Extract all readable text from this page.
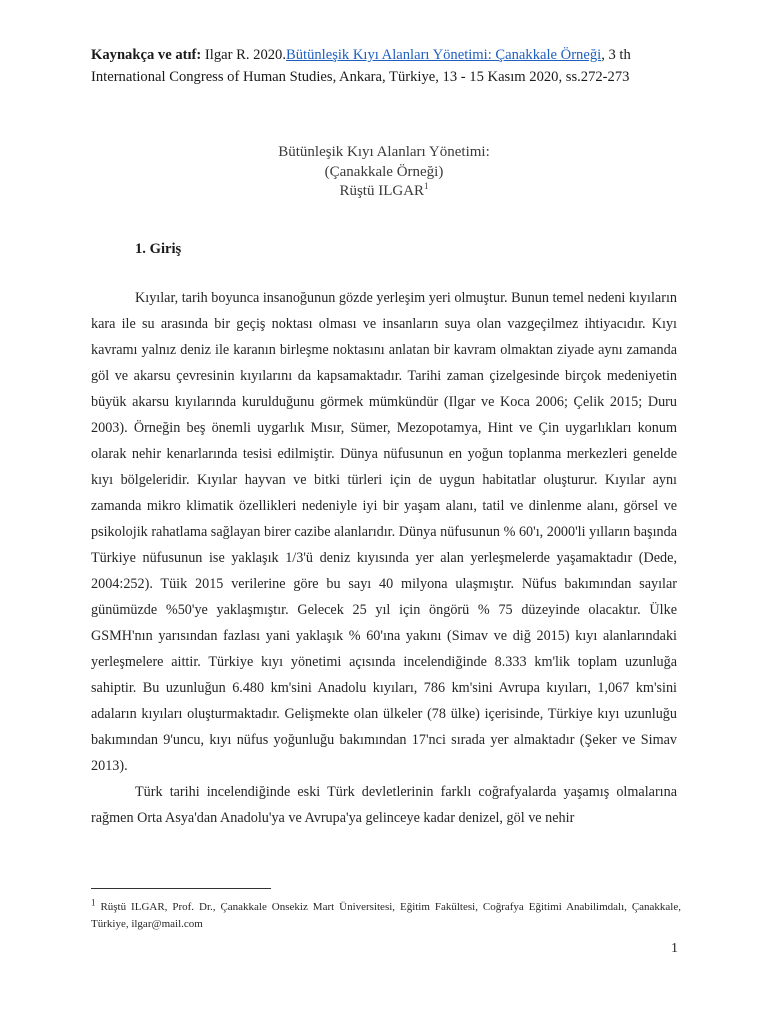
Kaynakça ve atıf: Ilgar R. 2020.Bütünleşik Kıyı Alanları Yönetimi: Çanakkale Örneği, 3 th International Congress of Human Studies, Ankara, Türkiye, 13 - 15 Kasım 2020, ss.272-273
Bütünleşik Kıyı Alanları Yönetimi:
(Çanakkale Örneği)
Rüştü ILGAR$^1$
1. Giriş

Kıyılar, tarih boyunca insanoğunun gözde yerleşim yeri olmuştur. Bunun temel nedeni kıyıların kara ile su arasında bir geçiş noktası olması ve insanların suya olan vazgeçilmez ihtiyacıdır. Kıyı kavramı yalnız deniz ile karanın birleşme noktasını anlatan bir kavram olmaktan ziyade aynı zamanda göl ve akarsu çevresinin kıyılarını da kapsamaktadır. Tarihi zaman çizelgesinde birçok medeniyetin büyük akarsu kıyılarında kurulduğunu görmek mümkündür (Ilgar ve Koca 2006; Çelik 2015; Duru 2003). Örneğin beş önemli uygarlık Mısır, Sümer, Mezopotamya, Hint ve Çin uygarlıkları konum olarak nehir kenarlarında tesisi edilmiştir. Dünya nüfusunun en yoğun toplanma merkezleri genelde kıyı bölgeleridir. Kıyılar hayvan ve bitki türleri için de uygun habitatlar oluşturur. Kıyılar aynı zamanda mikro klimatik özellikleri nedeniyle iyi bir yaşam alanı, tatil ve dinlenme alanı, görsel ve psikolojik rahatlama sağlayan birer cazibe alanlarıdır. Dünya nüfusunun % 60'ı, 2000'li yılların başında Türkiye nüfusunun ise yaklaşık 1/3'ü deniz kıyısında yer alan yerleşmelerde yaşamaktadır (Dede, 2004:252). Tüik 2015 verilerine göre bu sayı 40 milyona ulaşmıştır. Nüfus bakımından sayılar günümüzde %50'ye yaklaşmıştır. Gelecek 25 yıl için öngörü % 75 düzeyinde olacaktır. Ülke GSMH'nın yarısından fazlası yani yaklaşık % 60'ına yakını (Simav ve diğ 2015) kıyı alanlarındaki yerleşmelere aittir. Türkiye kıyı yönetimi açısında incelendiğinde 8.333 km'lik toplam uzunluğa sahiptir. Bu uzunluğun 6.480 km'sini Anadolu kıyıları, 786 km'sini Avrupa kıyıları, 1,067 km'sini adaların kıyıları oluşturmaktadır. Gelişmekte olan ülkeler (78 ülke) içerisinde, Türkiye kıyı uzunluğu bakımından 9'uncu, kıyı nüfus yoğunluğu bakımından 17'nci sırada yer almaktadır (Şeker ve Simav 2013).

Türk tarihi incelendiğinde eski Türk devletlerinin farklı coğrafyalarda yaşamış olmalarına rağmen Orta Asya'dan Anadolu'ya ve Avrupa'ya gelinceye kadar denizel, göl ve nehir

$^1$ Rüştü ILGAR, Prof. Dr., Çanakkale Onsekiz Mart Üniversitesi, Eğitim Fakültesi, Coğrafya Eğitimi Anabilimdalı, Çanakkale, Türkiye, ilgar@mail.com
1
